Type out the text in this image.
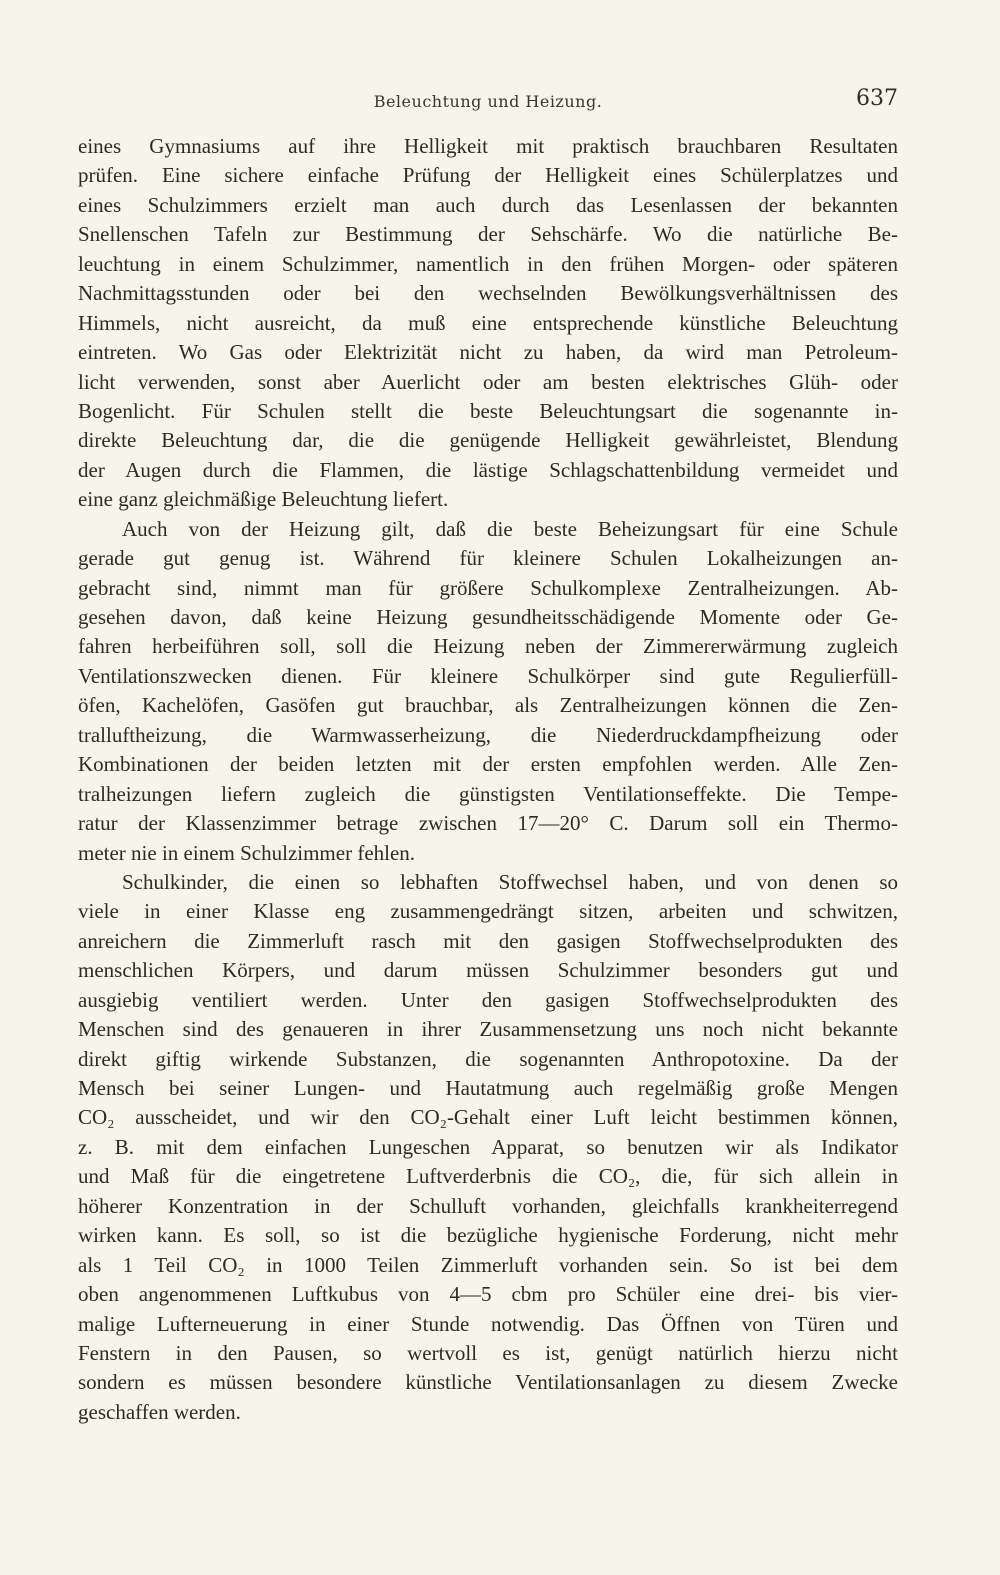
Beleuchtung und Heizung.	637
eines Gymnasiums auf ihre Helligkeit mit praktisch brauchbaren Resultaten
prüfen. Eine sichere einfache Prüfung der Helligkeit eines Schülerplatzes und
eines Schulzimmers erzielt man auch durch das Lesenlassen der bekannten
Snellenschen Tafeln zur Bestimmung der Sehschärfe. Wo die natürliche Be-
leuchtung in einem Schulzimmer, namentlich in den frühen Morgen- oder späteren
Nachmittagsstunden oder bei den wechselnden Bewölkungsverhältnissen des
Himmels, nicht ausreicht, da muß eine entsprechende künstliche Beleuchtung
eintreten. Wo Gas oder Elektrizität nicht zu haben, da wird man Petroleum-
licht verwenden, sonst aber Auerlicht oder am besten elektrisches Glüh- oder
Bogenlicht. Für Schulen stellt die beste Beleuchtungsart die sogenannte in-
direkte Beleuchtung dar, die die genügende Helligkeit gewährleistet, Blendung
der Augen durch die Flammen, die lästige Schlagschattenbildung vermeidet und
eine ganz gleichmäßige Beleuchtung liefert.
Auch von der Heizung gilt, daß die beste Beheizungsart für eine Schule
gerade gut genug ist. Während für kleinere Schulen Lokalheizungen an-
gebracht sind, nimmt man für größere Schulkomplexe Zentralheizungen. Ab-
gesehen davon, daß keine Heizung gesundheitsschädigende Momente oder Ge-
fahren herbeiführen soll, soll die Heizung neben der Zimmererwärmung zugleich
Ventilationszwecken dienen. Für kleinere Schulkörper sind gute Regulierfüll-
öfen, Kachelöfen, Gasöfen gut brauchbar, als Zentralheizungen können die Zen-
tralluftheizung, die Warmwasserheizung, die Niederdruckdampfheizung oder
Kombinationen der beiden letzten mit der ersten empfohlen werden. Alle Zen-
tralheizungen liefern zugleich die günstigsten Ventilationseffekte. Die Tempe-
ratur der Klassenzimmer betrage zwischen 17—20° C. Darum soll ein Thermo-
meter nie in einem Schulzimmer fehlen.
Schulkinder, die einen so lebhaften Stoffwechsel haben, und von denen so
viele in einer Klasse eng zusammengedrängt sitzen, arbeiten und schwitzen,
anreichern die Zimmerluft rasch mit den gasigen Stoffwechselprodukten des
menschlichen Körpers, und darum müssen Schulzimmer besonders gut und
ausgiebig ventiliert werden. Unter den gasigen Stoffwechselprodukten des
Menschen sind des genaueren in ihrer Zusammensetzung uns noch nicht bekannte
direkt giftig wirkende Substanzen, die sogenannten Anthropotoxine. Da der
Mensch bei seiner Lungen- und Hautatmung auch regelmäßig große Mengen
CO₂ ausscheidet, und wir den CO₂-Gehalt einer Luft leicht bestimmen können,
z. B. mit dem einfachen Lungeschen Apparat, so benutzen wir als Indikator
und Maß für die eingetretene Luftverderbnis die CO₂, die, für sich allein in
höherer Konzentration in der Schulluft vorhanden, gleichfalls krankheiterregend
wirken kann. Es soll, so ist die bezügliche hygienische Forderung, nicht mehr
als 1 Teil CO₂ in 1000 Teilen Zimmerluft vorhanden sein. So ist bei dem
oben angenommenen Luftkubus von 4—5 cbm pro Schüler eine drei- bis vier-
malige Lufterneuerung in einer Stunde notwendig. Das Öffnen von Türen und
Fenstern in den Pausen, so wertvoll es ist, genügt natürlich hierzu nicht
sondern es müssen besondere künstliche Ventilationsanlagen zu diesem Zwecke
geschaffen werden.
